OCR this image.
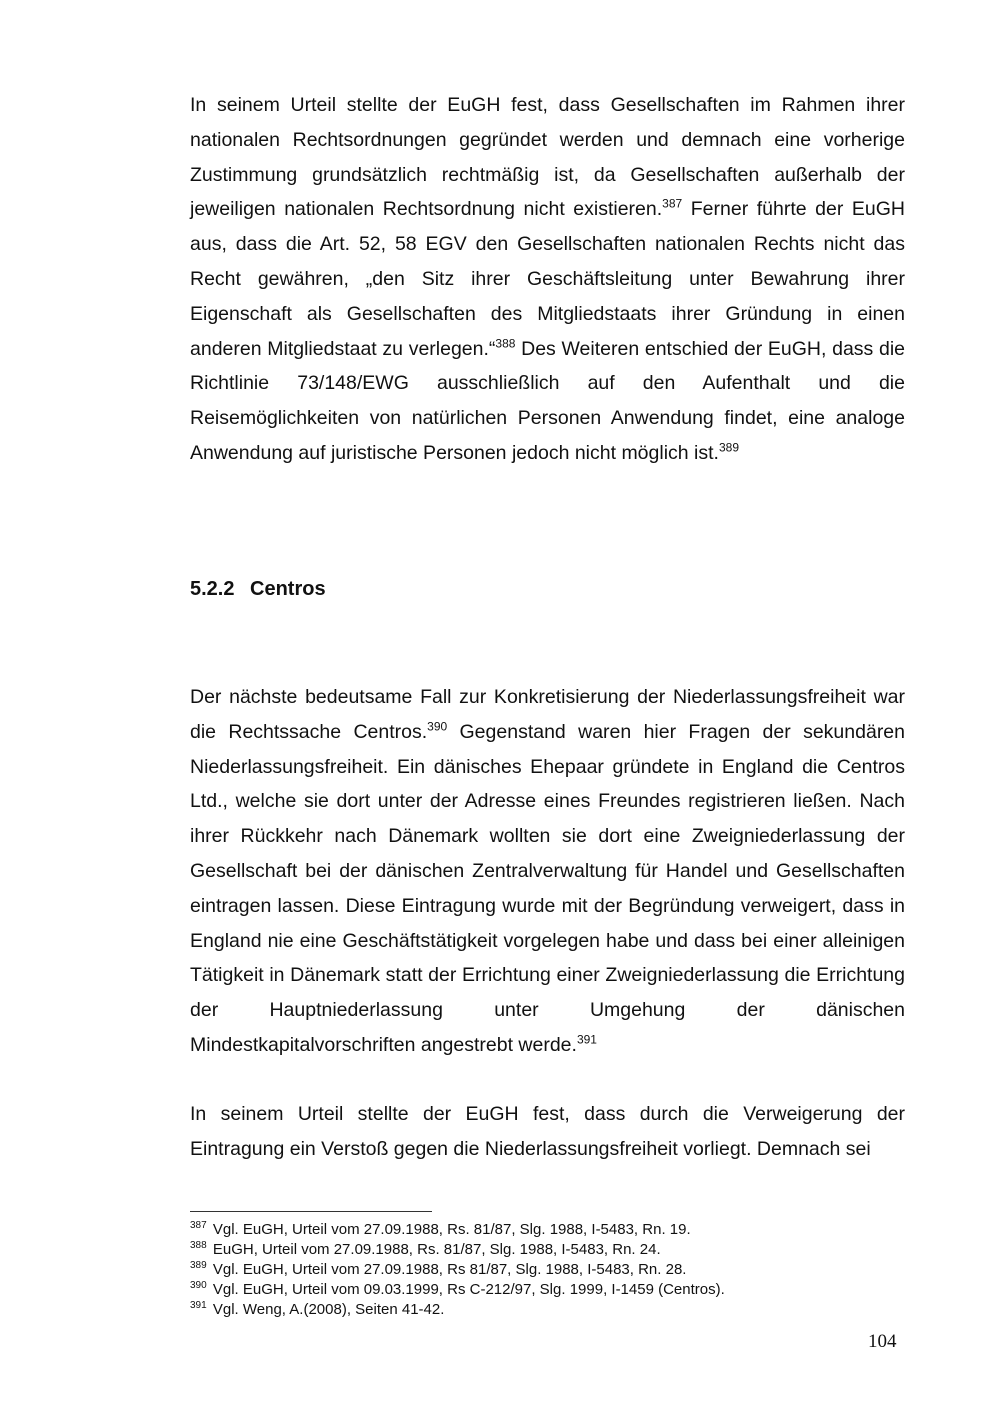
In seinem Urteil stellte der EuGH fest, dass Gesellschaften im Rahmen ihrer nationalen Rechtsordnungen gegründet werden und demnach eine vorherige Zustimmung grundsätzlich rechtmäßig ist, da Gesellschaften außerhalb der jeweiligen nationalen Rechtsordnung nicht existieren.$^{387}$ Ferner führte der EuGH aus, dass die Art. 52, 58 EGV den Gesellschaften nationalen Rechts nicht das Recht gewähren, „den Sitz ihrer Geschäftsleitung unter Bewahrung ihrer Eigenschaft als Gesellschaften des Mitgliedstaats ihrer Gründung in einen anderen Mitgliedstaat zu verlegen.“$^{388}$ Des Weiteren entschied der EuGH, dass die Richtlinie 73/148/EWG ausschließlich auf den Aufenthalt und die Reisemöglichkeiten von natürlichen Personen Anwendung findet, eine analoge Anwendung auf juristische Personen jedoch nicht möglich ist.$^{389}$

5.2.2 Centros

Der nächste bedeutsame Fall zur Konkretisierung der Niederlassungsfreiheit war die Rechtssache Centros.$^{390}$ Gegenstand waren hier Fragen der sekundären Niederlassungsfreiheit. Ein dänisches Ehepaar gründete in England die Centros Ltd., welche sie dort unter der Adresse eines Freundes registrieren ließen. Nach ihrer Rückkehr nach Dänemark wollten sie dort eine Zweigniederlassung der Gesellschaft bei der dänischen Zentralverwaltung für Handel und Gesellschaften eintragen lassen. Diese Eintragung wurde mit der Begründung verweigert, dass in England nie eine Geschäftstätigkeit vorgelegen habe und dass bei einer alleinigen Tätigkeit in Dänemark statt der Errichtung einer Zweigniederlassung die Errichtung der Hauptniederlassung unter Umgehung der dänischen Mindestkapitalvorschriften angestrebt werde.$^{391}$

In seinem Urteil stellte der EuGH fest, dass durch die Verweigerung der Eintragung ein Verstoß gegen die Niederlassungsfreiheit vorliegt. Demnach sei

$^{387}$ Vgl. EuGH, Urteil vom 27.09.1988, Rs. 81/87, Slg. 1988, I-5483, Rn. 19.
$^{388}$ EuGH, Urteil vom 27.09.1988, Rs. 81/87, Slg. 1988, I-5483, Rn. 24.
$^{389}$ Vgl. EuGH, Urteil vom 27.09.1988, Rs 81/87, Slg. 1988, I-5483, Rn. 28.
$^{390}$ Vgl. EuGH, Urteil vom 09.03.1999, Rs C-212/97, Slg. 1999, I-1459 (Centros).
$^{391}$ Vgl. Weng, A.(2008), Seiten 41-42.
104
